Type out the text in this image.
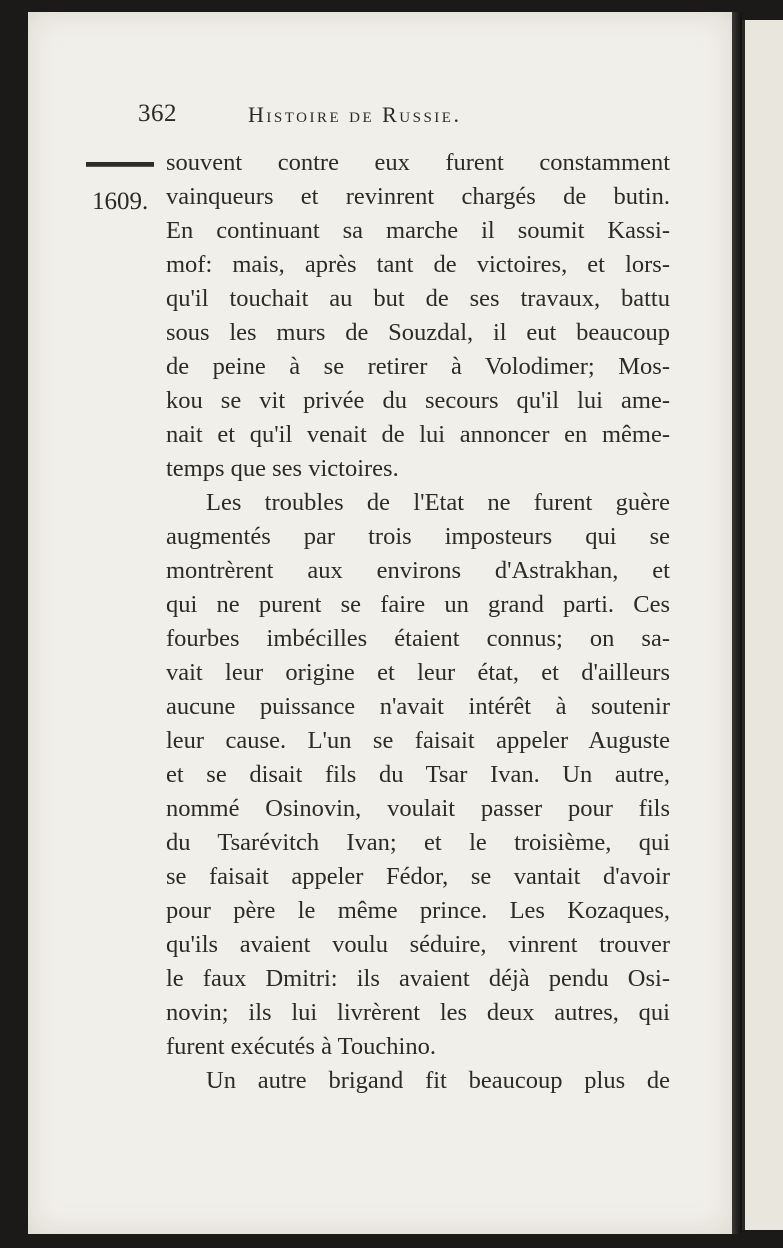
362	Histoire de Russie.
1609.
souvent contre eux furent constamment
vainqueurs et revinrent chargés de butin.
En continuant sa marche il soumit Kassi-
mof: mais, après tant de victoires, et lors-
qu'il touchait au but de ses travaux, battu
sous les murs de Souzdal, il eut beaucoup
de peine à se retirer à Volodimer; Mos-
kou se vit privée du secours qu'il lui ame-
nait et qu'il venait de lui annoncer en même-
temps que ses victoires.
Les troubles de l'Etat ne furent guère
augmentés par trois imposteurs qui se
montrèrent aux environs d'Astrakhan, et
qui ne purent se faire un grand parti. Ces
fourbes imbécilles étaient connus; on sa-
vait leur origine et leur état, et d'ailleurs
aucune puissance n'avait intérêt à soutenir
leur cause. L'un se faisait appeler Auguste
et se disait fils du Tsar Ivan. Un autre,
nommé Osinovin, voulait passer pour fils
du Tsarévitch Ivan; et le troisième, qui
se faisait appeler Fédor, se vantait d'avoir
pour père le même prince. Les Kozaques,
qu'ils avaient voulu séduire, vinrent trouver
le faux Dmitri: ils avaient déjà pendu Osi-
novin; ils lui livrèrent les deux autres, qui
furent exécutés à Touchino.
Un autre brigand fit beaucoup plus de
